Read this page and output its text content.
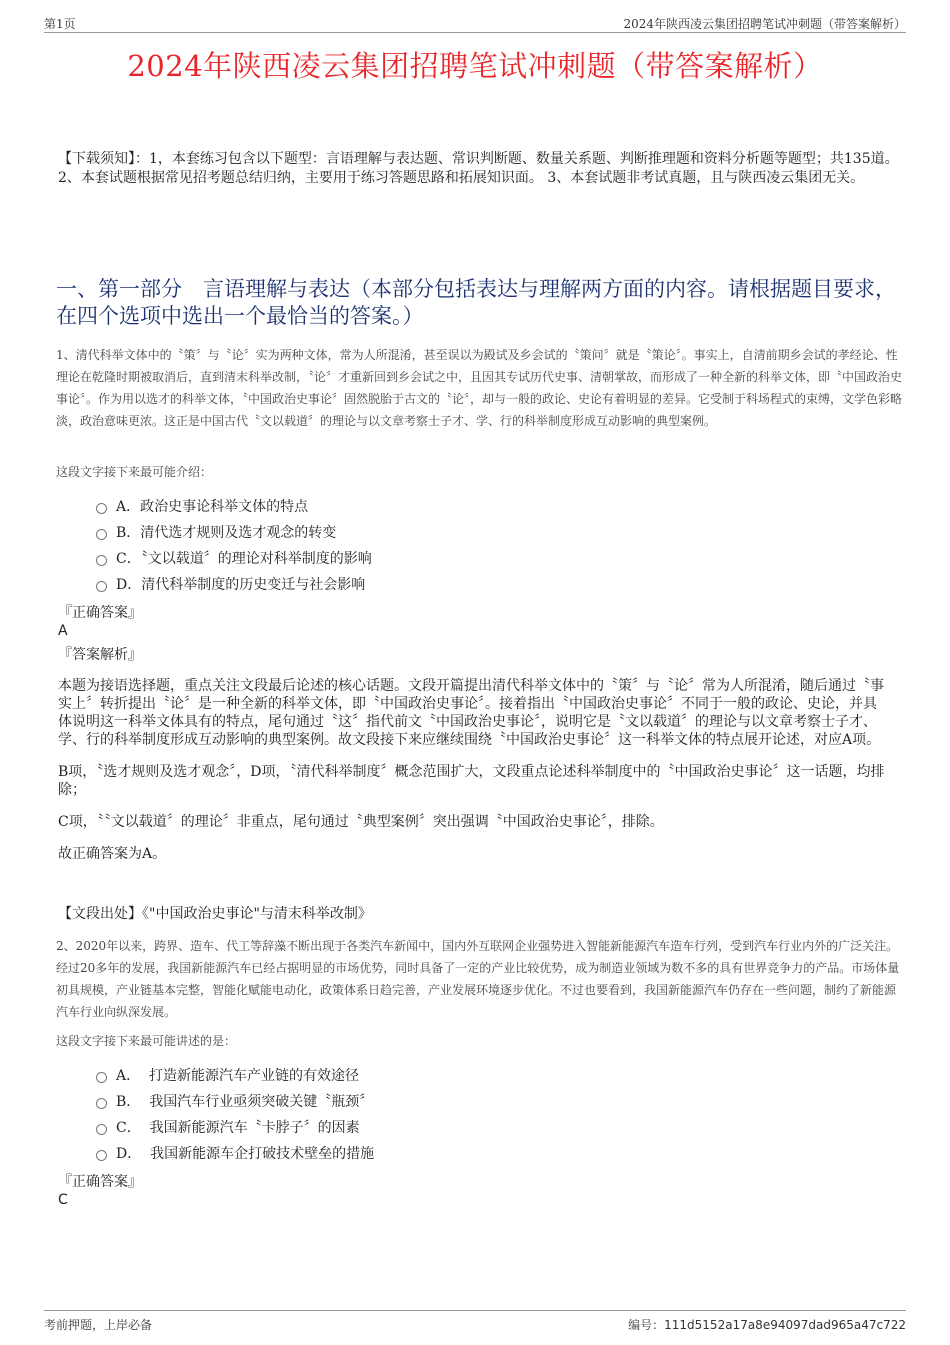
第1页	2024年陕西凌云集团招聘笔试冲刺题（带答案解析）
2024年陕西凌云集团招聘笔试冲刺题（带答案解析）
【下载须知】：1，本套练习包含以下题型：言语理解与表达题、常识判断题、数量关系题、判断推理题和资料分析题等题型；共135道。 2、本套试题根据常见招考题总结归纳，主要用于练习答题思路和拓展知识面。 3、本套试题非考试真题，且与陕西凌云集团无关。
一、第一部分　言语理解与表达（本部分包括表达与理解两方面的内容。请根据题目要求，在四个选项中选出一个最恰当的答案。）
1、清代科举文体中的〝策〞与〝论〞实为两种文体，常为人所混淆，甚至误以为殿试及乡会试的〝策问〞就是〝策论〞。事实上，自清前期乡会试的孝经论、性理论在乾隆时期被取消后，直到清末科举改制，〝论〞才重新回到乡会试之中，且因其专试历代史事、清朝掌故，而形成了一种全新的科举文体，即〝中国政治史事论〞。作为用以选才的科举文体，〝中国政治史事论〞固然脱胎于古文的〝论〞，却与一般的政论、史论有着明显的差异。它受制于科场程式的束缚，文学色彩略淡，政治意味更浓。这正是中国古代〝文以载道〞的理论与以文章考察士子才、学、行的科举制度形成互动影响的典型案例。
这段文字接下来最可能介绍：
A．政治史事论科举文体的特点
B．清代选才规则及选才观念的转变
C．〝文以载道〞的理论对科举制度的影响
D．清代科举制度的历史变迁与社会影响
『正确答案』
A
『答案解析』

本题为接语选择题，重点关注文段最后论述的核心话题。文段开篇提出清代科举文体中的〝策〞与〝论〞常为人所混淆，随后通过〝事实上〞转折提出〝论〞是一种全新的科举文体，即〝中国政治史事论〞。接着指出〝中国政治史事论〞不同于一般的政论、史论，并具体说明这一科举文体具有的特点，尾句通过〝这〞指代前文〝中国政治史事论〞，说明它是〝文以载道〞的理论与以文章考察士子才、学、行的科举制度形成互动影响的典型案例。故文段接下来应继续围绕〝中国政治史事论〞这一科举文体的特点展开论述，对应A项。

B项，〝选才规则及选才观念〞，D项，〝清代科举制度〞概念范围扩大，文段重点论述科举制度中的〝中国政治史事论〞这一话题，均排除；

C项，〝〝文以载道〞的理论〞非重点，尾句通过〝典型案例〞突出强调〝中国政治史事论〞，排除。

故正确答案为A。

【文段出处】《"中国政治史事论"与清末科举改制》
2、2020年以来，跨界、造车、代工等辞藻不断出现于各类汽车新闻中，国内外互联网企业强势进入智能新能源汽车造车行列，受到汽车行业内外的广泛关注。经过20多年的发展，我国新能源汽车已经占据明显的市场优势，同时具备了一定的产业比较优势，成为制造业领域为数不多的具有世界竞争力的产品。市场体量初具规模，产业链基本完整，智能化赋能电动化，政策体系日趋完善，产业发展环境逐步优化。不过也要看到，我国新能源汽车仍存在一些问题，制约了新能源汽车行业向纵深发展。
这段文字接下来最可能讲述的是：
A．  打造新能源汽车产业链的有效途径
B．  我国汽车行业亟须突破关键〝瓶颈〞
C．  我国新能源汽车〝卡脖子〞的因素
D．  我国新能源车企打破技术壁垒的措施
『正确答案』
C
考前押题，上岸必备	编号：111d5152a17a8e94097dad965a47c722
